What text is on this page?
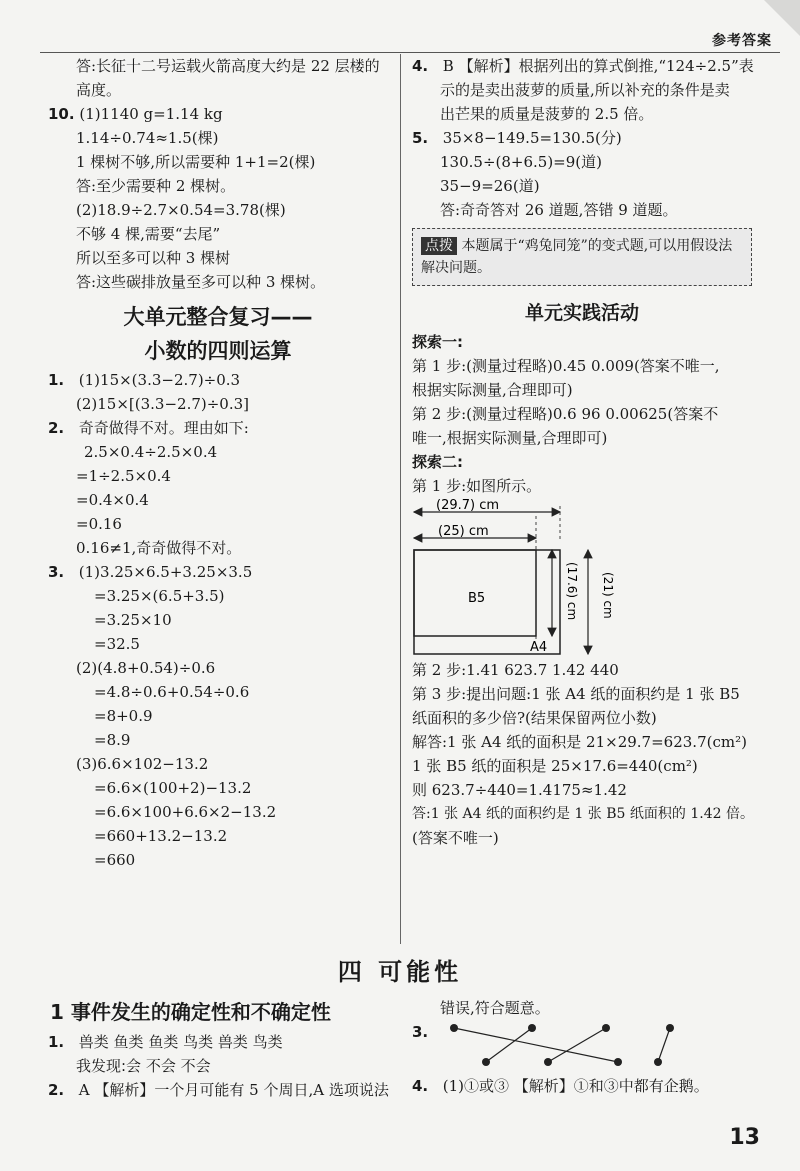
参考答案
答:长征十二号运载火箭高度大约是 22 层楼的
高度。
10. (1)1140 g=1.14 kg
1.14÷0.74≈1.5(棵)
1 棵树不够,所以需要种 1+1=2(棵)
答:至少需要种 2 棵树。
(2)18.9÷2.7×0.54=3.78(棵)
不够 4 棵,需要“去尾”
所以至多可以种 3 棵树
答:这些碳排放量至多可以种 3 棵树。
大单元整合复习——
小数的四则运算
1. (1)15×(3.3−2.7)÷0.3
(2)15×[(3.3−2.7)÷0.3]
2. 奇奇做得不对。理由如下:
2.5×0.4÷2.5×0.4
=1÷2.5×0.4
=0.4×0.4
=0.16
0.16≠1,奇奇做得不对。
3. (1)3.25×6.5+3.25×3.5
=3.25×(6.5+3.5)
=3.25×10
=32.5
(2)(4.8+0.54)÷0.6
=4.8÷0.6+0.54÷0.6
=8+0.9
=8.9
(3)6.6×102−13.2
=6.6×(100+2)−13.2
=6.6×100+6.6×2−13.2
=660+13.2−13.2
=660
4. B 【解析】根据列出的算式倒推,“124÷2.5”表
示的是卖出菠萝的质量,所以补充的条件是卖
出芒果的质量是菠萝的 2.5 倍。
5. 35×8−149.5=130.5(分)
130.5÷(8+6.5)=9(道)
35−9=26(道)
答:奇奇答对 26 道题,答错 9 道题。
点拨 本题属于“鸡兔同笼”的变式题,可以用假设法解决问题。
单元实践活动
探索一:
第 1 步:(测量过程略)0.45 0.009(答案不唯一,
根据实际测量,合理即可)
第 2 步:(测量过程略)0.6 96 0.00625(答案不
唯一,根据实际测量,合理即可)
探索二:
第 1 步:如图所示。
(29.7) cm
(25) cm
B5
A4
(17.6) cm (21) cm
第 2 步:1.41 623.7 1.42 440
第 3 步:提出问题:1 张 A4 纸的面积约是 1 张 B5
纸面积的多少倍?(结果保留两位小数)
解答:1 张 A4 纸的面积是 21×29.7=623.7(cm²)
1 张 B5 纸的面积是 25×17.6=440(cm²)
则 623.7÷440=1.4175≈1.42
答:1 张 A4 纸的面积约是 1 张 B5 纸面积的 1.42 倍。
(答案不唯一)
四 可能性
1 事件发生的确定性和不确定性
1. 兽类 鱼类 鱼类 鸟类 兽类 鸟类
我发现:会 不会 不会
2. A 【解析】一个月可能有 5 个周日,A 选项说法
错误,符合题意。
3.
4. (1)①或③ 【解析】①和③中都有企鹅。
13
